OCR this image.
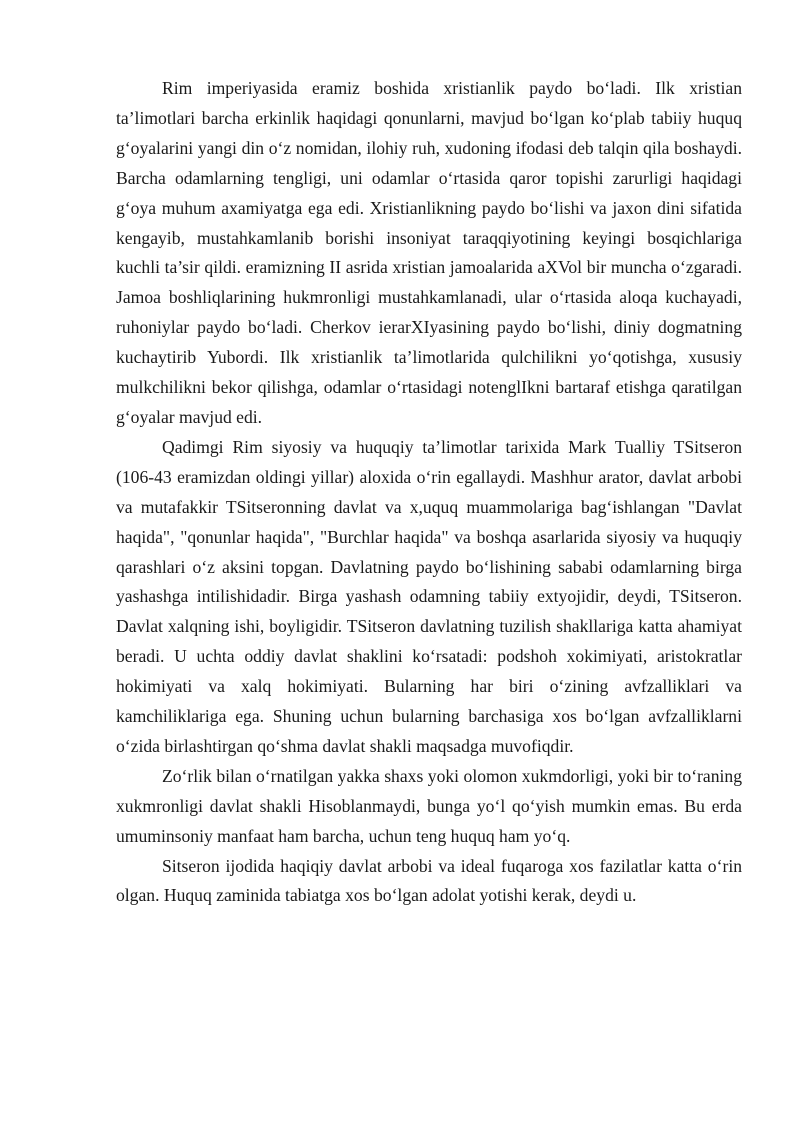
Rim imperiyasida eramiz boshida xristianlik paydo bo‘ladi. Ilk xristian ta’limotlari barcha erkinlik haqidagi qonunlarni, mavjud bo‘lgan ko‘plab tabiiy huquq g‘oyalarini yangi din o‘z nomidan, ilohiy ruh, xudoning ifodasi deb talqin qila boshaydi. Barcha odamlarning tengligi, uni odamlar o‘rtasida qaror topishi zarurligi haqidagi g‘oya muhum axamiyatga ega edi. Xristianlikning paydo bo‘lishi va jaxon dini sifatida kengayib, mustahkamlanib borishi insoniyat taraqqiyotining keyingi bosqichlariga kuchli ta’sir qildi. eramizning II asrida xristian jamoalarida aXVol bir muncha o‘zgaradi. Jamoa boshliqlarining hukmronligi mustahkamlanadi, ular o‘rtasida aloqa kuchayadi, ruhoniylar paydo bo‘ladi. Cherkov ierarXIyasining paydo bo‘lishi, diniy dogmatning kuchaytirib Yubordi. Ilk xristianlik ta’limotlarida qulchilikni yo‘qotishga, xususiy mulkchilikni bekor qilishga, odamlar o‘rtasidagi notenglIkni bartaraf etishga qaratilgan g‘oyalar mavjud edi.

Qadimgi Rim siyosiy va huquqiy ta’limotlar tarixida Mark Tualliy TSitseron (106-43 eramizdan oldingi yillar) aloxida o‘rin egallaydi. Mashhur arator, davlat arbobi va mutafakkir TSitseronning davlat va x,uquq muammolariga bag‘ishlangan "Davlat haqida", "qonunlar haqida", "Burchlar haqida" va boshqa asarlarida siyosiy va huquqiy qarashlari o‘z aksini topgan. Davlatning paydo bo‘lishining sababi odamlarning birga yashashga intilishidadir. Birga yashash odamning tabiiy extyojidir, deydi, TSitseron. Davlat xalqning ishi, boyligidir. TSitseron davlatning tuzilish shakllariga katta ahamiyat beradi. U uchta oddiy davlat shaklini ko‘rsatadi: podshoh xokimiyati, aristokratlar hokimiyati va xalq hokimiyati. Bularning har biri o‘zining avfzalliklari va kamchiliklariga ega. Shuning uchun bularning barchasiga xos bo‘lgan avfzalliklarni o‘zida birlashtirgan qo‘shma davlat shakli maqsadga muvofiqdir.

Zo‘rlik bilan o‘rnatilgan yakka shaxs yoki olomon xukmdorligi, yoki bir to‘raning xukmronligi davlat shakli Hisoblanmaydi, bunga yo‘l qo‘yish mumkin emas. Bu erda umuminsoniy manfaat ham barcha, uchun teng huquq ham yo‘q.

Sitseron ijodida haqiqiy davlat arbobi va ideal fuqaroga xos fazilatlar katta o‘rin olgan. Huquq zaminida tabiatga xos bo‘lgan adolat yotishi kerak, deydi u.
